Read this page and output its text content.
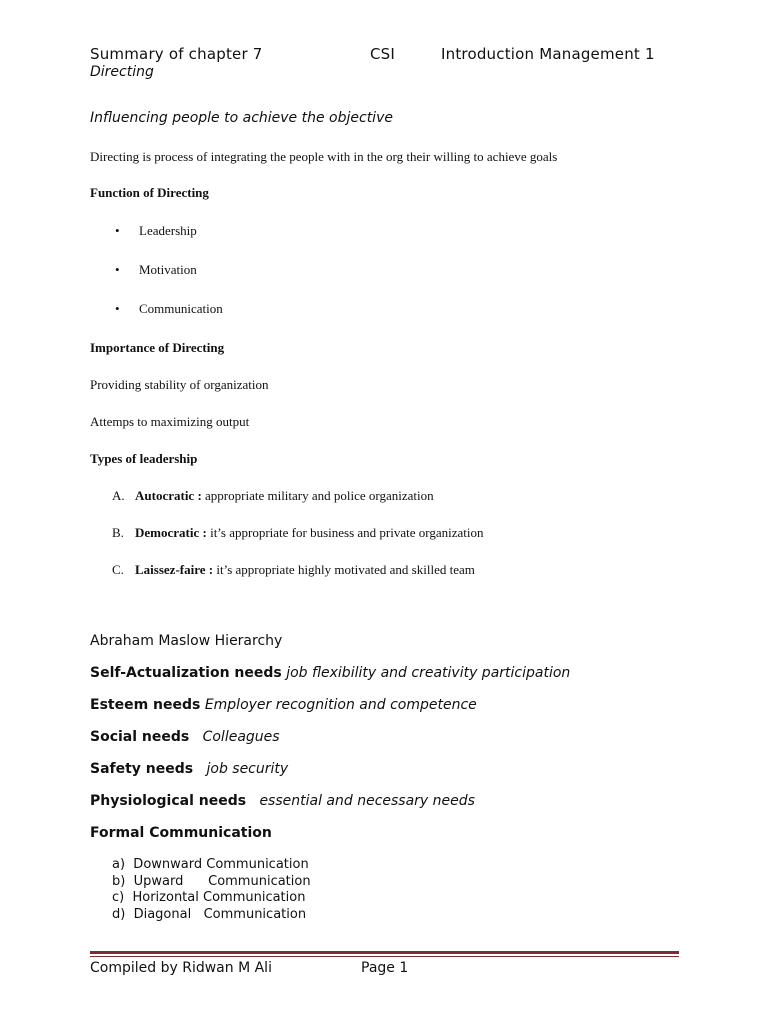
Summary of chapter 7	CSI	Introduction Management 1

Directing

Influencing people to achieve the objective

Directing is process of integrating the people with in the org their willing to achieve goals

Function of Directing

• Leadership

• Motivation

• Communication

Importance of Directing

Providing stability of organization

Attemps to maximizing output

Types of leadership

A. Autocratic : appropriate military and police organization

B. Democratic : it’s appropriate for business and private organization

C. Laissez-faire : it’s appropriate highly motivated and skilled team

Abraham Maslow Hierarchy

Self-Actualization needs job flexibility and creativity participation

Esteem needs Employer recognition and competence

Social needs Colleagues

Safety needs job security

Physiological needs essential and necessary needs

Formal Communication

a)  Downward Communication
b)  Upward      Communication
c)  Horizontal Communication
d)  Diagonal   Communication

Compiled by Ridwan M Ali	Page 1
